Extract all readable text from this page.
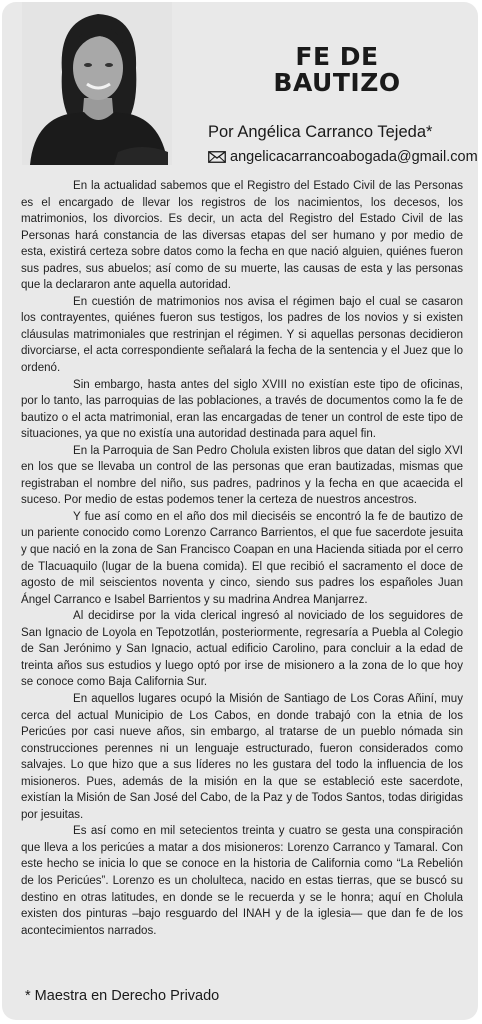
FE DE
BAUTIZO
Por Angélica Carranco Tejeda*
angelicacarrancoabogada@gmail.com

En la actualidad sabemos que el Registro del Estado Civil de las Personas es el encargado de llevar los registros de los nacimientos, los decesos, los matrimonios, los divorcios. Es decir, un acta del Registro del Estado Civil de las Personas hará constancia de las diversas etapas del ser humano y por medio de esta, existirá certeza sobre datos como la fecha en que nació alguien, quiénes fueron sus padres, sus abuelos; así como de su muerte, las causas de esta y las personas que la declararon ante aquella autoridad.

En cuestión de matrimonios nos avisa el régimen bajo el cual se casaron los contrayentes, quiénes fueron sus testigos, los padres de los novios y si existen cláusulas matrimoniales que restrinjan el régimen. Y si aquellas personas decidieron divorciarse, el acta correspondiente señalará la fecha de la sentencia y el Juez que lo ordenó.

Sin embargo, hasta antes del siglo XVIII no existían este tipo de oficinas, por lo tanto, las parroquias de las poblaciones, a través de documentos como la fe de bautizo o el acta matrimonial, eran las encargadas de tener un control de este tipo de situaciones, ya que no existía una autoridad destinada para aquel fin.

En la Parroquia de San Pedro Cholula existen libros que datan del siglo XVI en los que se llevaba un control de las personas que eran bautizadas, mismas que registraban el nombre del niño, sus padres, padrinos y la fecha en que acaecida el suceso. Por medio de estas podemos tener la certeza de nuestros ancestros.

Y fue así como en el año dos mil dieciséis se encontró la fe de bautizo de un pariente conocido como Lorenzo Carranco Barrientos, el que fue sacerdote jesuita y que nació en la zona de San Francisco Coapan en una Hacienda sitiada por el cerro de Tlacuaquilo (lugar de la buena comida). El que recibió el sacramento el doce de agosto de mil seiscientos noventa y cinco, siendo sus padres los españoles Juan Ángel Carranco e Isabel Barrientos y su madrina Andrea Manjarrez.

Al decidirse por la vida clerical ingresó al noviciado de los seguidores de San Ignacio de Loyola en Tepotzotlán, posteriormente, regresaría a Puebla al Colegio de San Jerónimo y San Ignacio, actual edificio Carolino, para concluir a la edad de treinta años sus estudios y luego optó por irse de misionero a la zona de lo que hoy se conoce como Baja California Sur.

En aquellos lugares ocupó la Misión de Santiago de Los Coras Añiní, muy cerca del actual Municipio de Los Cabos, en donde trabajó con la etnia de los Pericúes por casi nueve años, sin embargo, al tratarse de un pueblo nómada sin construcciones perennes ni un lenguaje estructurado, fueron considerados como salvajes. Lo que hizo que a sus líderes no les gustara del todo la influencia de los misioneros. Pues, además de la misión en la que se estableció este sacerdote, existían la Misión de San José del Cabo, de la Paz y de Todos Santos, todas dirigidas por jesuitas.

Es así como en mil setecientos treinta y cuatro se gesta una conspiración que lleva a los pericúes a matar a dos misioneros: Lorenzo Carranco y Tamaral. Con este hecho se inicia lo que se conoce en la historia de California como “La Rebelión de los Pericúes”. Lorenzo es un cholulteca, nacido en estas tierras, que se buscó su destino en otras latitudes, en donde se le recuerda y se le honra; aquí en Cholula existen dos pinturas –bajo resguardo del INAH y de la iglesia— que dan fe de los acontecimientos narrados.

* Maestra en Derecho Privado
